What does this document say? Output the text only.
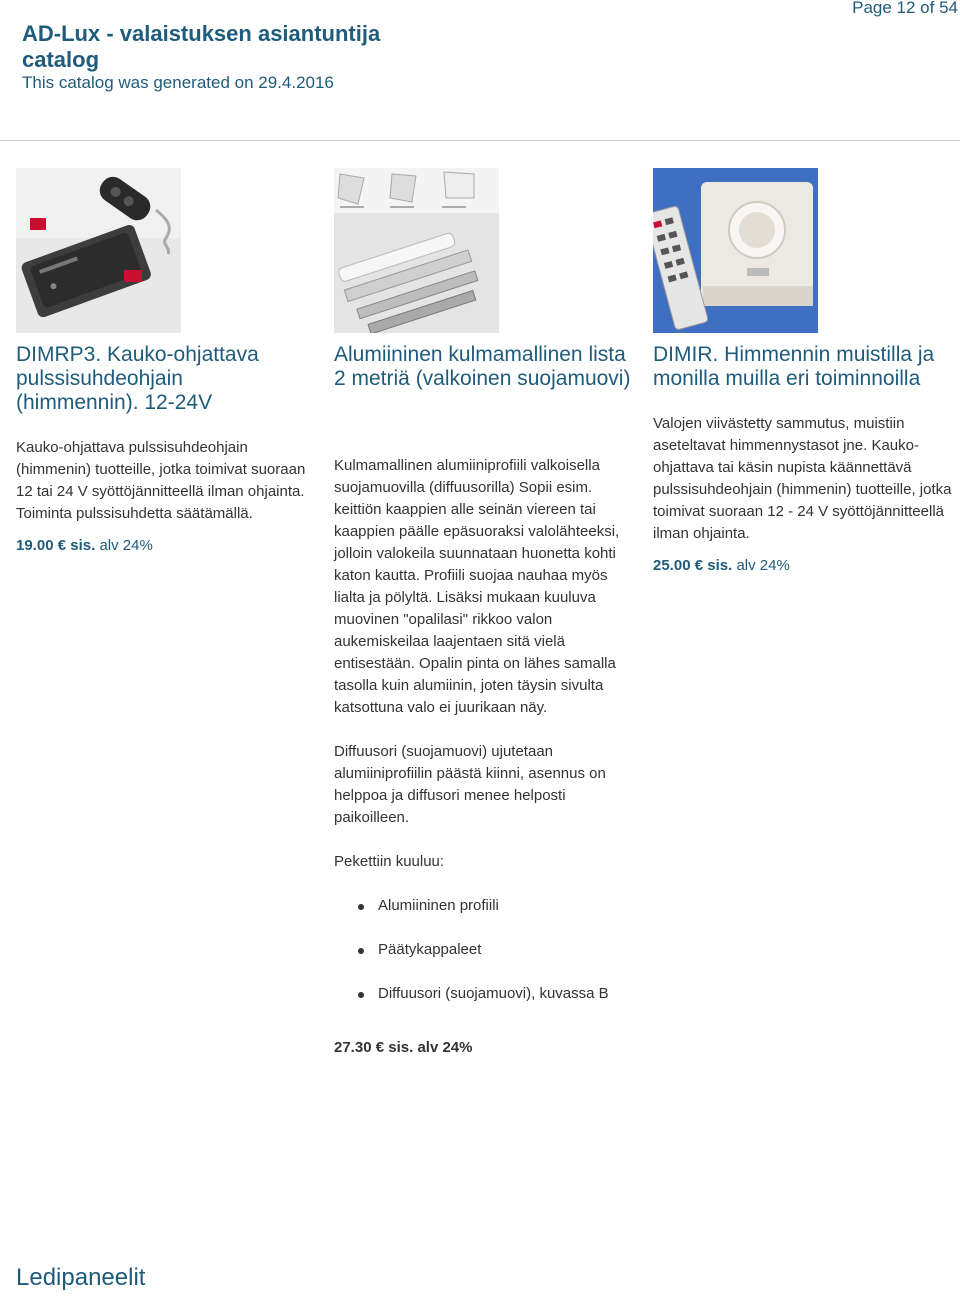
AD-Lux - valaistuksen asiantuntija catalog
This catalog was generated on 29.4.2016
Page 12 of 54
DIMRP3. Kauko-ohjattava pulssisuhdeohjain (himmennin). 12-24V
Kauko-ohjattava pulssisuhdeohjain (himmenin) tuotteille, jotka toimivat suoraan 12 tai 24 V syöttöjännitteellä ilman ohjainta. Toiminta pulssisuhdetta säätämällä.
19.00 € sis. alv 24%
Alumiininen kulmamallinen lista 2 metriä (valkoinen suojamuovi)

Kulmamallinen alumiiniprofiili valkoisella suojamuovilla (diffuusorilla) Sopii esim. keittiön kaappien alle seinän viereen tai kaappien päälle epäsuoraksi valolähteeksi, jolloin valokeila suunnataan huonetta kohti katon kautta. Profiili suojaa nauhaa myös lialta ja pölyltä. Lisäksi mukaan kuuluva muovinen "opalilasi" rikkoo valon aukemiskeilaa laajentaen sitä vielä entisestään. Opalin pinta on lähes samalla tasolla kuin alumiinin, joten täysin sivulta katsottuna valo ei juurikaan näy.

Diffuusori (suojamuovi) ujutetaan alumiiniprofiilin päästä kiinni, asennus on helppoa ja diffusori menee helposti paikoilleen.

Pekettiin kuuluu:

Alumiininen profiili
Päätykappaleet
Diffuusori (suojamuovi), kuvassa B
27.30 € sis. alv 24%
DIMIR. Himmennin muistilla ja monilla muilla eri toiminnoilla
Valojen viivästetty sammutus, muistiin aseteltavat himmennystasot jne. Kauko-ohjattava tai käsin nupista käännettävä pulssisuhdeohjain (himmenin) tuotteille, jotka toimivat suoraan 12 - 24 V syöttöjännitteellä ilman ohjainta.
25.00 € sis. alv 24%
Ledipaneelit
